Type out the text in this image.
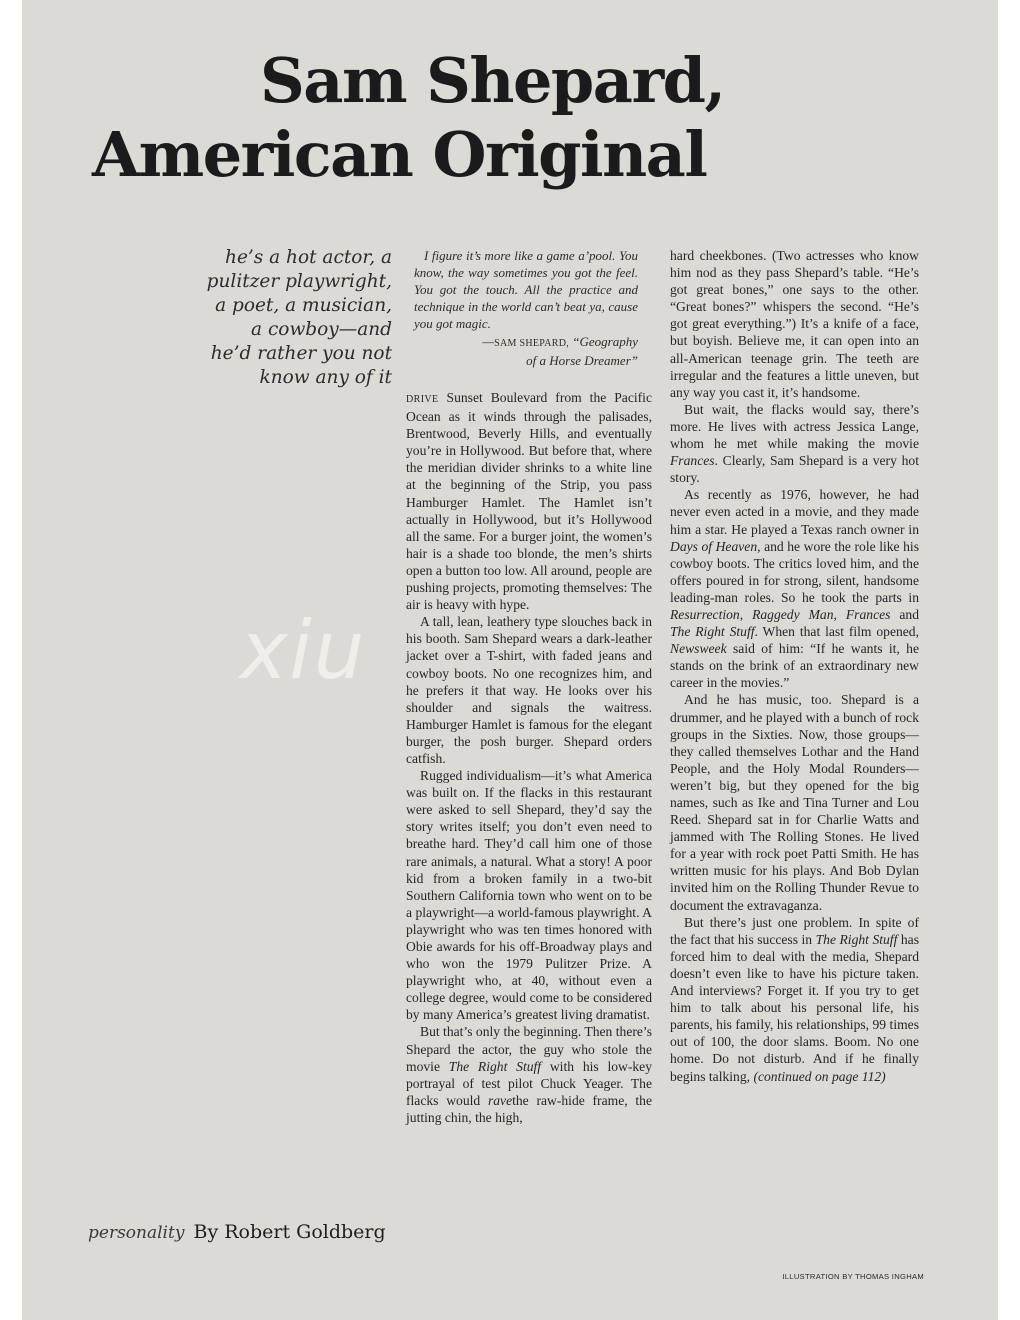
Sam Shepard,
American Original
he’s a hot actor, a
pulitzer playwright,
a poet, a musician,
a cowboy—and
he’d rather you not
know any of it
I figure it’s more like a game a’pool. You know, the way sometimes you got the feel. You got the touch. All the practice and technique in the world can’t beat ya, cause you got magic.
—SAM SHEPARD, “Geography
of a Horse Dreamer”

DRIVE Sunset Boulevard from the Pacific Ocean as it winds through the palisades, Brentwood, Beverly Hills, and eventually you’re in Hollywood. But before that, where the meridian divider shrinks to a white line at the beginning of the Strip, you pass Hamburger Hamlet. The Hamlet isn’t actually in Hollywood, but it’s Hollywood all the same. For a burger joint, the women’s hair is a shade too blonde, the men’s shirts open a button too low. All around, people are pushing projects, promoting themselves: The air is heavy with hype.

A tall, lean, leathery type slouches back in his booth. Sam Shepard wears a dark-leather jacket over a T-shirt, with faded jeans and cowboy boots. No one recognizes him, and he prefers it that way. He looks over his shoulder and signals the waitress. Hamburger Hamlet is famous for the elegant burger, the posh burger. Shepard orders catfish.

Rugged individualism—it’s what America was built on. If the flacks in this restaurant were asked to sell Shepard, they’d say the story writes itself; you don’t even need to breathe hard. They’d call him one of those rare animals, a natural. What a story! A poor kid from a broken family in a two-bit Southern California town who went on to be a playwright—a world-famous playwright. A playwright who was ten times honored with Obie awards for his off-Broadway plays and who won the 1979 Pulitzer Prize. A playwright who, at 40, without even a college degree, would come to be considered by many America’s greatest living dramatist.

But that’s only the beginning. Then there’s Shepard the actor, the guy who stole the movie The Right Stuff with his low-key portrayal of test pilot Chuck Yeager. The flacks would ravethe raw-hide frame, the jutting chin, the high,

hard cheekbones. (Two actresses who know him nod as they pass Shepard’s table. “He’s got great bones,” one says to the other. “Great bones?” whispers the second. “He’s got great everything.”) It’s a knife of a face, but boyish. Believe me, it can open into an all-American teenage grin. The teeth are irregular and the features a little uneven, but any way you cast it, it’s handsome.

But wait, the flacks would say, there’s more. He lives with actress Jessica Lange, whom he met while making the movie Frances. Clearly, Sam Shepard is a very hot story.

As recently as 1976, however, he had never even acted in a movie, and they made him a star. He played a Texas ranch owner in Days of Heaven, and he wore the role like his cowboy boots. The critics loved him, and the offers poured in for strong, silent, handsome leading-man roles. So he took the parts in Resurrection, Raggedy Man, Frances and The Right Stuff. When that last film opened, Newsweek said of him: “If he wants it, he stands on the brink of an extraordinary new career in the movies.”

And he has music, too. Shepard is a drummer, and he played with a bunch of rock groups in the Sixties. Now, those groups—they called themselves Lothar and the Hand People, and the Holy Modal Rounders—weren’t big, but they opened for the big names, such as Ike and Tina Turner and Lou Reed. Shepard sat in for Charlie Watts and jammed with The Rolling Stones. He lived for a year with rock poet Patti Smith. He has written music for his plays. And Bob Dylan invited him on the Rolling Thunder Revue to document the extravaganza.

But there’s just one problem. In spite of the fact that his success in The Right Stuff has forced him to deal with the media, Shepard doesn’t even like to have his picture taken. And interviews? Forget it. If you try to get him to talk about his personal life, his parents, his family, his relationships, 99 times out of 100, the door slams. Boom. No one home. Do not disturb. And if he finally begins talking, (continued on page 112)

personality By Robert Goldberg
ILLUSTRATION BY THOMAS INGHAM
xiu
